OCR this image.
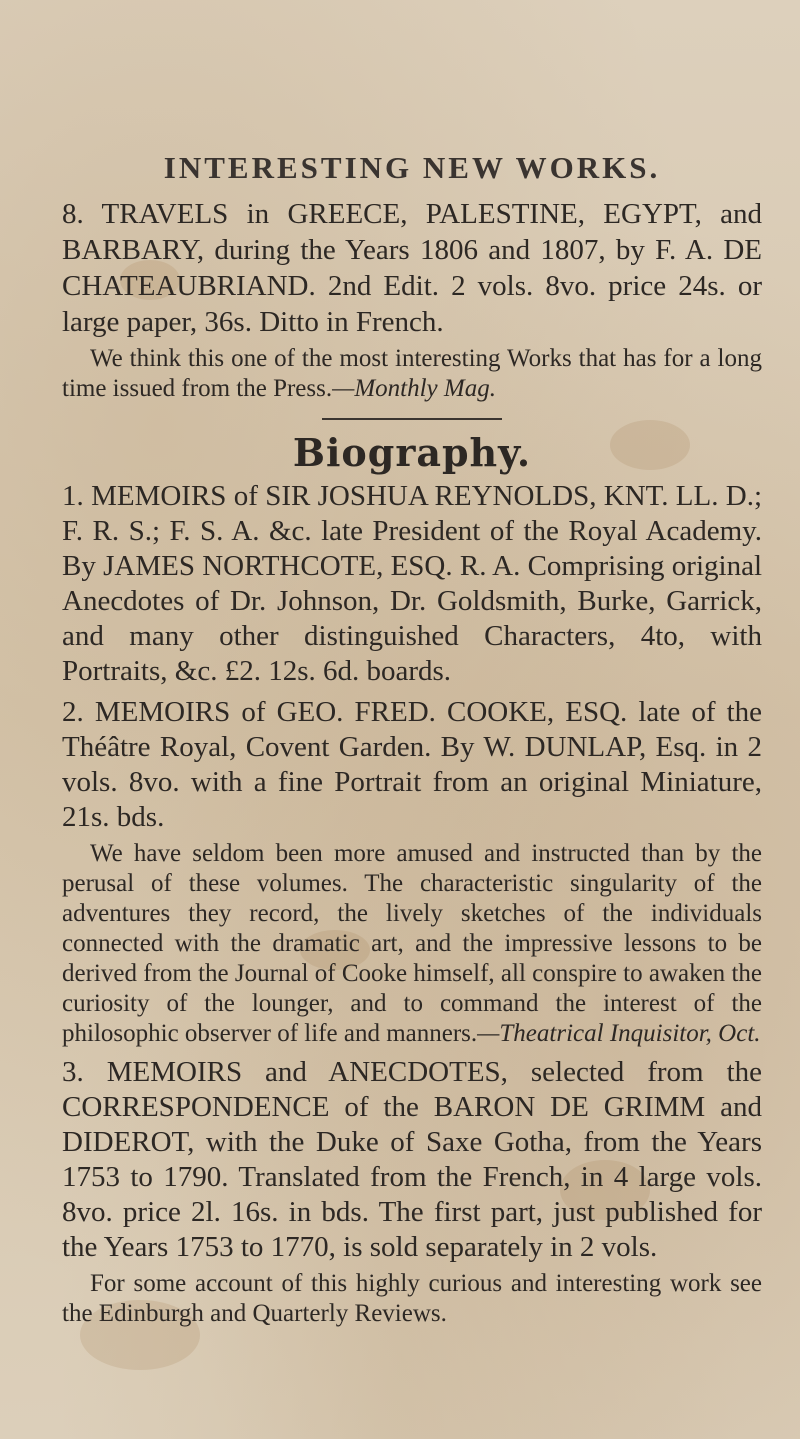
INTERESTING NEW WORKS.

8. TRAVELS in GREECE, PALESTINE, EGYPT, and BARBARY, during the Years 1806 and 1807, by F. A. DE CHATEAUBRIAND. 2nd Edit. 2 vols. 8vo. price 24s. or large paper, 36s. Ditto in French.

We think this one of the most interesting Works that has for a long time issued from the Press.—Monthly Mag.

Biography.

1. MEMOIRS of SIR JOSHUA REYNOLDS, KNT. LL. D.; F. R. S.; F. S. A. &c. late President of the Royal Academy. By JAMES NORTHCOTE, ESQ. R. A. Comprising original Anecdotes of Dr. Johnson, Dr. Goldsmith, Burke, Garrick, and many other distinguished Characters, 4to, with Portraits, &c. £2. 12s. 6d. boards.

2. MEMOIRS of GEO. FRED. COOKE, ESQ. late of the Théâtre Royal, Covent Garden. By W. DUNLAP, Esq. in 2 vols. 8vo. with a fine Portrait from an original Miniature, 21s. bds.

We have seldom been more amused and instructed than by the perusal of these volumes. The characteristic singularity of the adventures they record, the lively sketches of the individuals connected with the dramatic art, and the impressive lessons to be derived from the Journal of Cooke himself, all conspire to awaken the curiosity of the lounger, and to command the interest of the philosophic observer of life and manners.—Theatrical Inquisitor, Oct.

3. MEMOIRS and ANECDOTES, selected from the CORRESPONDENCE of the BARON DE GRIMM and DIDEROT, with the Duke of Saxe Gotha, from the Years 1753 to 1790. Translated from the French, in 4 large vols. 8vo. price 2l. 16s. in bds. The first part, just published for the Years 1753 to 1770, is sold separately in 2 vols.

For some account of this highly curious and interesting work see the Edinburgh and Quarterly Reviews.
